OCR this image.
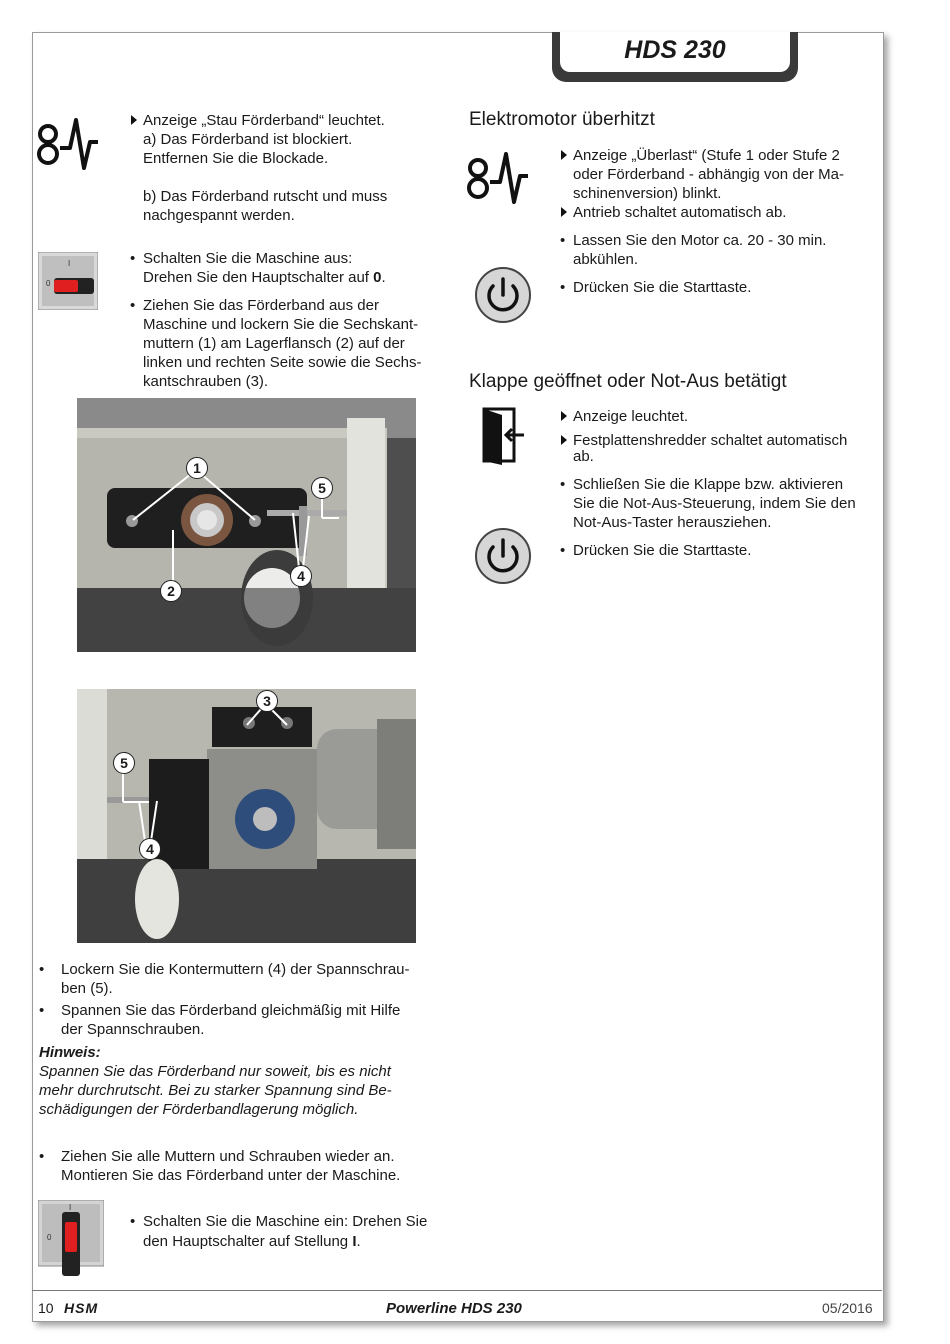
HDS 230
Anzeige „Stau Förderband“ leuchtet.
a) Das Förderband ist blockiert.
Entfernen Sie die Blockade.
b) Das Förderband rutscht und muss
nachgespannt werden.
0
I	• Schalten Sie die Maschine aus:
Drehen Sie den Hauptschalter auf 0.
• Ziehen Sie das Förderband aus der
Maschine und lockern Sie die Sechskant-
muttern (1) am Lagerflansch (2) auf der
linken und rechten Seite sowie die Sechs-
kantschrauben (3).
1
5
4
2
3
5
4
• Lockern Sie die Kontermuttern (4) der Spannschrau-
ben (5).
• Spannen Sie das Förderband gleichmäßig mit Hilfe
der Spannschrauben.
Hinweis:
Spannen Sie das Förderband nur soweit, bis es nicht
mehr durchrutscht. Bei zu starker Spannung sind Be-
schädigungen der Förderbandlagerung möglich.
• Ziehen Sie alle Muttern und Schrauben wieder an.
Montieren Sie das Förderband unter der Maschine.
0
I
• Schalten Sie die Maschine ein: Drehen Sie
den Hauptschalter auf Stellung I.
Elektromotor überhitzt
Anzeige „Überlast“ (Stufe 1 oder Stufe 2
oder Förderband - abhängig von der Ma-
schinenversion) blinkt.
Antrieb schaltet automatisch ab.
• Lassen Sie den Motor ca. 20 - 30 min.
abkühlen.
• Drücken Sie die Starttaste.
Klappe geöffnet oder Not-Aus betätigt
Anzeige leuchtet.
Festplattenshredder schaltet automatisch
ab.
• Schließen Sie die Klappe bzw. aktivieren
Sie die Not-Aus-Steuerung, indem Sie den
Not-Aus-Taster herausziehen.
• Drücken Sie die Starttaste.
10 HSM	Powerline HDS 230	05/2016
